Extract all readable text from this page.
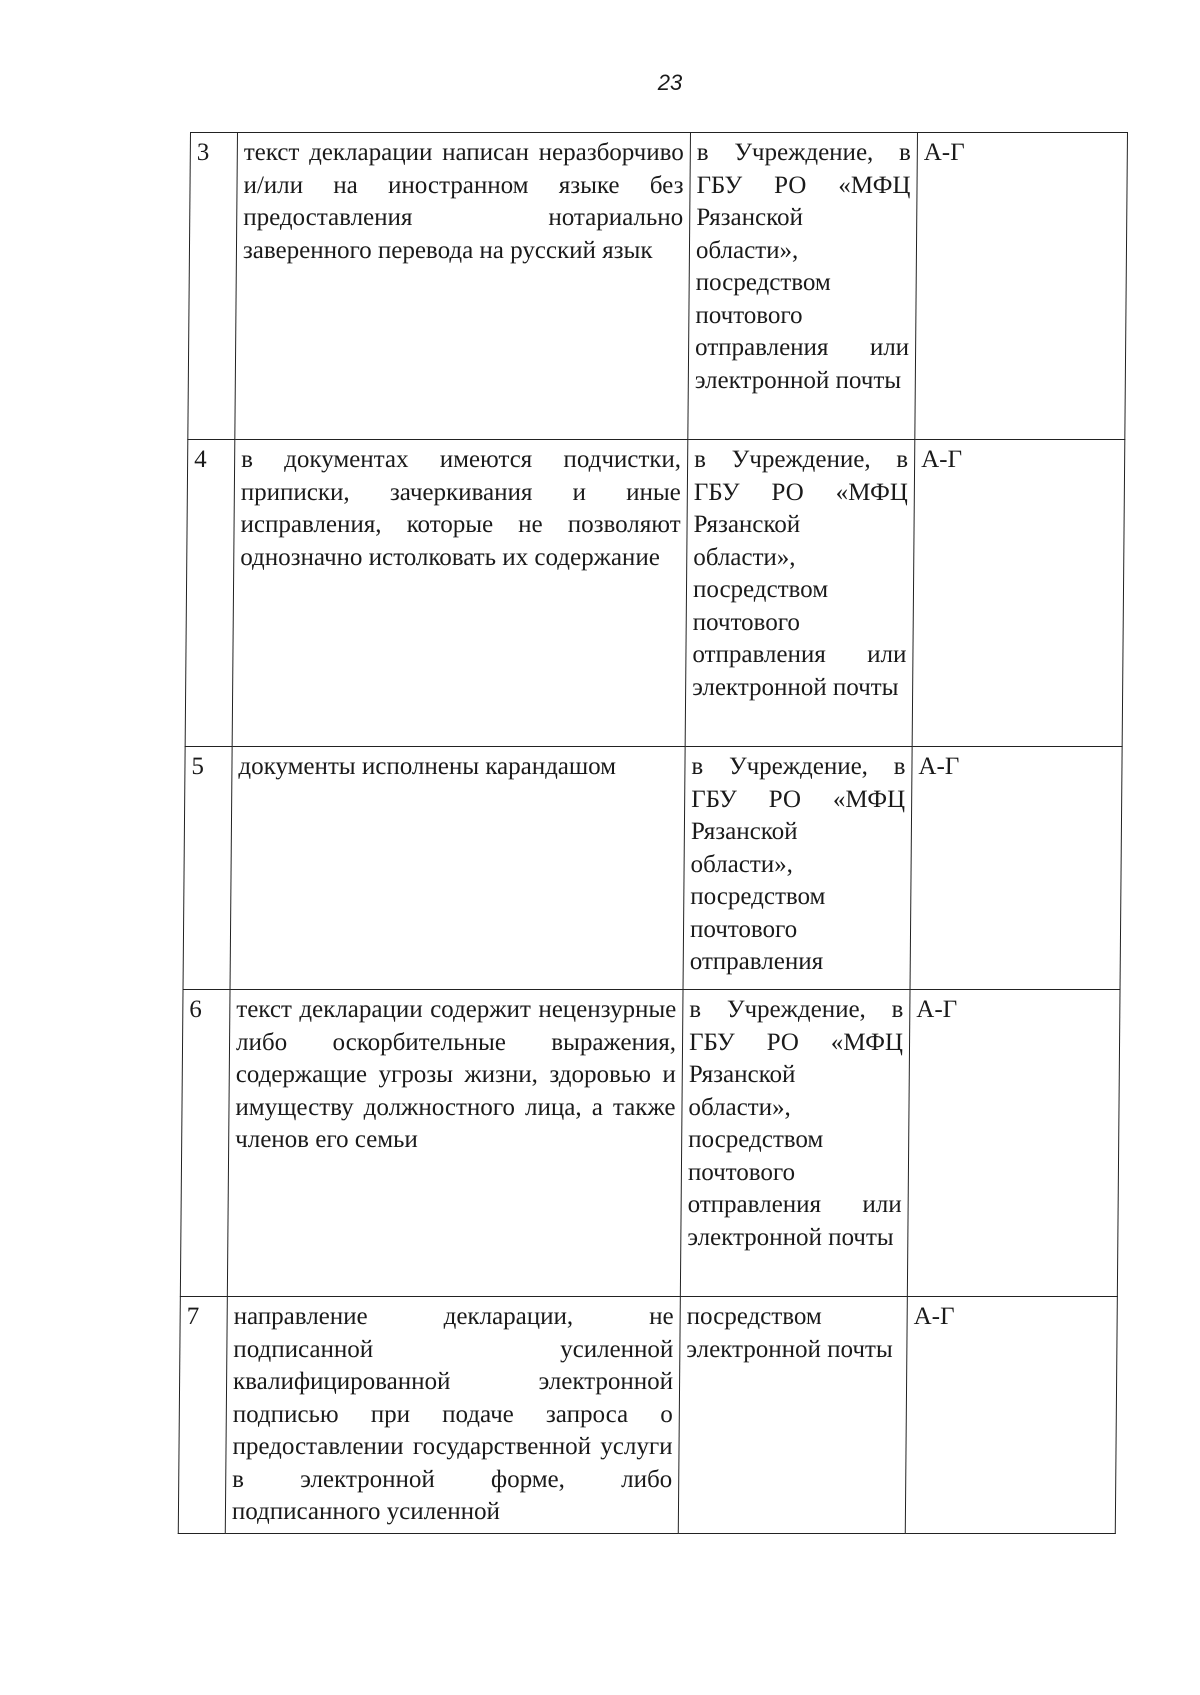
23
3	текст декларации написан неразборчиво и/или на иностранном языке без предоставления нотариально заверенного перевода на русский язык	в Учреждение, в ГБУ РО «МФЦ Рязанской области», посредством почтового отправления или электронной почты	А-Г
4	в документах имеются подчистки, приписки, зачеркивания и иные исправления, которые не позволяют однозначно истолковать их содержание	в Учреждение, в ГБУ РО «МФЦ Рязанской области», посредством почтового отправления или электронной почты	А-Г
5	документы исполнены карандашом	в Учреждение, в ГБУ РО «МФЦ Рязанской области», посредством почтового отправления	А-Г
6	текст декларации содержит нецензурные либо оскорбительные выражения, содержащие угрозы жизни, здоровью и имуществу должностного лица, а также членов его семьи	в Учреждение, в ГБУ РО «МФЦ Рязанской области», посредством почтового отправления или электронной почты	А-Г
7	направление декларации, не подписанной усиленной квалифицированной электронной подписью при подаче запроса о предоставлении государственной услуги в электронной форме, либо подписанного усиленной	посредством электронной почты	А-Г
